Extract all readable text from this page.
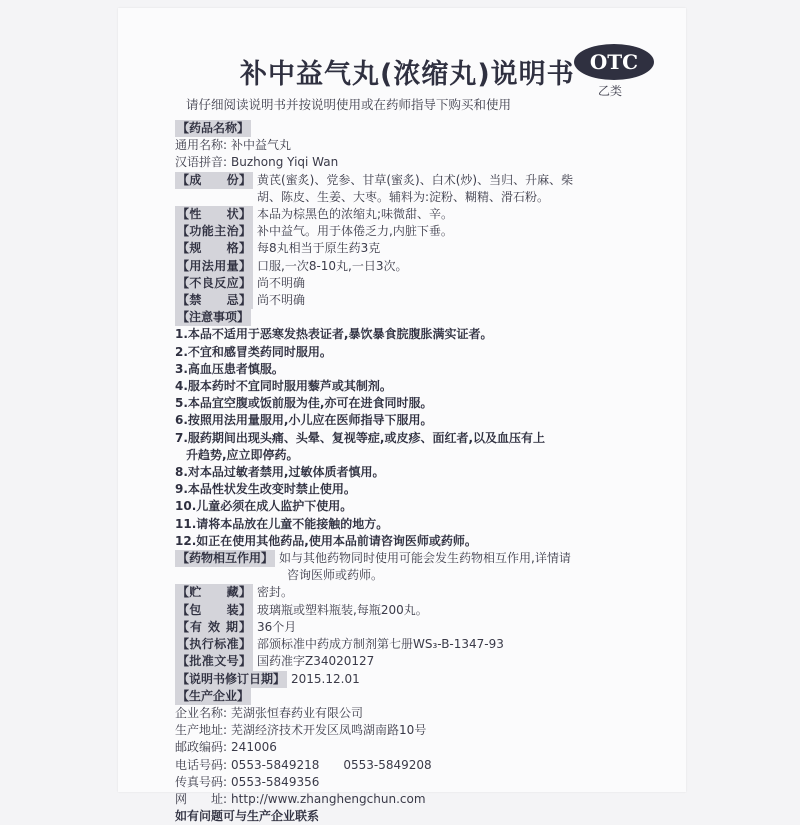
补中益气丸(浓缩丸)说明书 OTC
乙类
请仔细阅读说明书并按说明使用或在药师指导下购买和使用
【药品名称】
通用名称: 补中益气丸
汉语拼音: Buzhong Yiqi Wan
【成　　份】 黄芪(蜜炙)、党参、甘草(蜜炙)、白术(炒)、当归、升麻、柴
胡、陈皮、生姜、大枣。辅料为:淀粉、糊精、滑石粉。
【性　　状】 本品为棕黑色的浓缩丸;味微甜、辛。
【功能主治】 补中益气。用于体倦乏力,内脏下垂。
【规　　格】 每8丸相当于原生药3克
【用法用量】 口服,一次8-10丸,一日3次。
【不良反应】 尚不明确
【禁　　忌】 尚不明确
【注意事项】
1.本品不适用于恶寒发热表证者,暴饮暴食脘腹胀满实证者。
2.不宜和感冒类药同时服用。
3.高血压患者慎服。
4.服本药时不宜同时服用藜芦或其制剂。
5.本品宜空腹或饭前服为佳,亦可在进食同时服。
6.按照用法用量服用,小儿应在医师指导下服用。
7.服药期间出现头痛、头晕、复视等症,或皮疹、面红者,以及血压有上
升趋势,应立即停药。
8.对本品过敏者禁用,过敏体质者慎用。
9.本品性状发生改变时禁止使用。
10.儿童必须在成人监护下使用。
11.请将本品放在儿童不能接触的地方。
12.如正在使用其他药品,使用本品前请咨询医师或药师。
【药物相互作用】 如与其他药物同时使用可能会发生药物相互作用,详情请
咨询医师或药师。
【贮　　藏】 密封。
【包　　装】 玻璃瓶或塑料瓶装,每瓶200丸。
【有 效 期】 36个月
【执行标准】 部颁标准中药成方制剂第七册WS₃-B-1347-93
【批准文号】 国药准字Z34020127
【说明书修订日期】 2015.12.01
【生产企业】
企业名称: 芜湖张恒春药业有限公司
生产地址: 芜湖经济技术开发区凤鸣湖南路10号
邮政编码: 241006
电话号码: 0553-5849218　　0553-5849208
传真号码: 0553-5849356
网　　址: http://www.zhanghengchun.com
如有问题可与生产企业联系
